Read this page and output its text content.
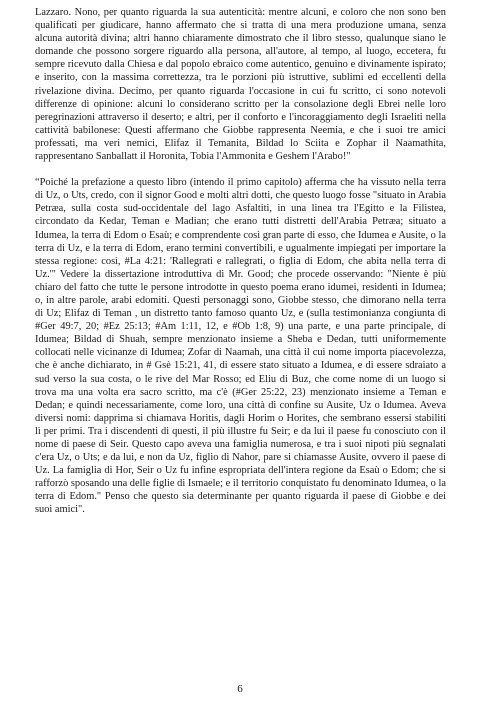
Lazzaro. Nono, per quanto riguarda la sua autenticità: mentre alcuni, e coloro che non sono ben qualificati per giudicare, hanno affermato che si tratta di una mera produzione umana, senza alcuna autorità divina; altri hanno chiaramente dimostrato che il libro stesso, qualunque siano le domande che possono sorgere riguardo alla persona, all'autore, al tempo, al luogo, eccetera, fu sempre ricevuto dalla Chiesa e dal popolo ebraico come autentico, genuino e divinamente ispirato; e inserito, con la massima correttezza, tra le porzioni più istruttive, sublimi ed eccellenti della rivelazione divina. Decimo, per quanto riguarda l'occasione in cui fu scritto, ci sono notevoli differenze di opinione: alcuni lo considerano scritto per la consolazione degli Ebrei nelle loro peregrinazioni attraverso il deserto; e altri, per il conforto e l'incoraggiamento degli Israeliti nella cattività babilonese: Questi affermano che Giobbe rappresenta Neemia, e che i suoi tre amici professati, ma veri nemici, Elifaz il Temanita, Bildad lo Sciita e Zophar il Naamathita, rappresentano Sanballatt il Horonita, Tobia l'Ammonita e Geshem l'Arabo!"

“Poiché la prefazione a questo libro (intendo il primo capitolo) afferma che ha vissuto nella terra di Uz, o Uts, credo, con il signor Good e molti altri dotti, che questo luogo fosse "situato in Arabia Petræa, sulla costa sud-occidentale del lago Asfaltiti, in una linea tra l'Egitto e la Filistea, circondato da Kedar, Teman e Madian; che erano tutti distretti dell'Arabia Petræa; situato a Idumea, la terra di Edom o Esaù; e comprendente così gran parte di esso, che Idumea e Ausite, o la terra di Uz, e la terra di Edom, erano termini convertibili, e ugualmente impiegati per importare la stessa regione: così, #La 4:21: 'Rallegrati e rallegrati, o figlia di Edom, che abita nella terra di Uz.'" Vedere la dissertazione introduttiva di Mr. Good; che procede osservando: "Niente è più chiaro del fatto che tutte le persone introdotte in questo poema erano idumei, residenti in Idumea; o, in altre parole, arabi edomiti. Questi personaggi sono, Giobbe stesso, che dimorano nella terra di Uz; Elifaz di Teman , un distretto tanto famoso quanto Uz, e (sulla testimonianza congiunta di #Ger 49:7, 20; #Ez 25:13; #Am 1:11, 12, e #Ob 1:8, 9) una parte, e una parte principale, di Idumea; Bildad di Shuah, sempre menzionato insieme a Sheba e Dedan, tutti uniformemente collocati nelle vicinanze di Idumea; Zofar di Naamah, una città il cui nome importa piacevolezza, che è anche dichiarato, in # Gsè 15:21, 41, di essere stato situato a Idumea, e di essere sdraiato a sud verso la sua costa, o le rive del Mar Rosso; ed Eliu di Buz, che come nome di un luogo si trova ma una volta era sacro scritto, ma c'è (#Ger 25:22, 23) menzionato insieme a Teman e Dedan; e quindi necessariamente, come loro, una città di confine su Ausite, Uz o Idumea. Aveva diversi nomi: dapprima si chiamava Horitis, dagli Horim o Horites, che sembrano essersi stabiliti lì per primi. Tra i discendenti di questi, il più illustre fu Seir; e da lui il paese fu conosciuto con il nome di paese di Seir. Questo capo aveva una famiglia numerosa, e tra i suoi nipoti più segnalati c'era Uz, o Uts; e da lui, e non da Uz, figlio di Nahor, pare si chiamasse Ausite, ovvero il paese di Uz. La famiglia di Hor, Seir o Uz fu infine espropriata dell'intera regione da Esaù o Edom; che si rafforzò sposando una delle figlie di Ismaele; e il territorio conquistato fu denominato Idumea, o la terra di Edom." Penso che questo sia determinante per quanto riguarda il paese di Giobbe e dei suoi amici".

6
